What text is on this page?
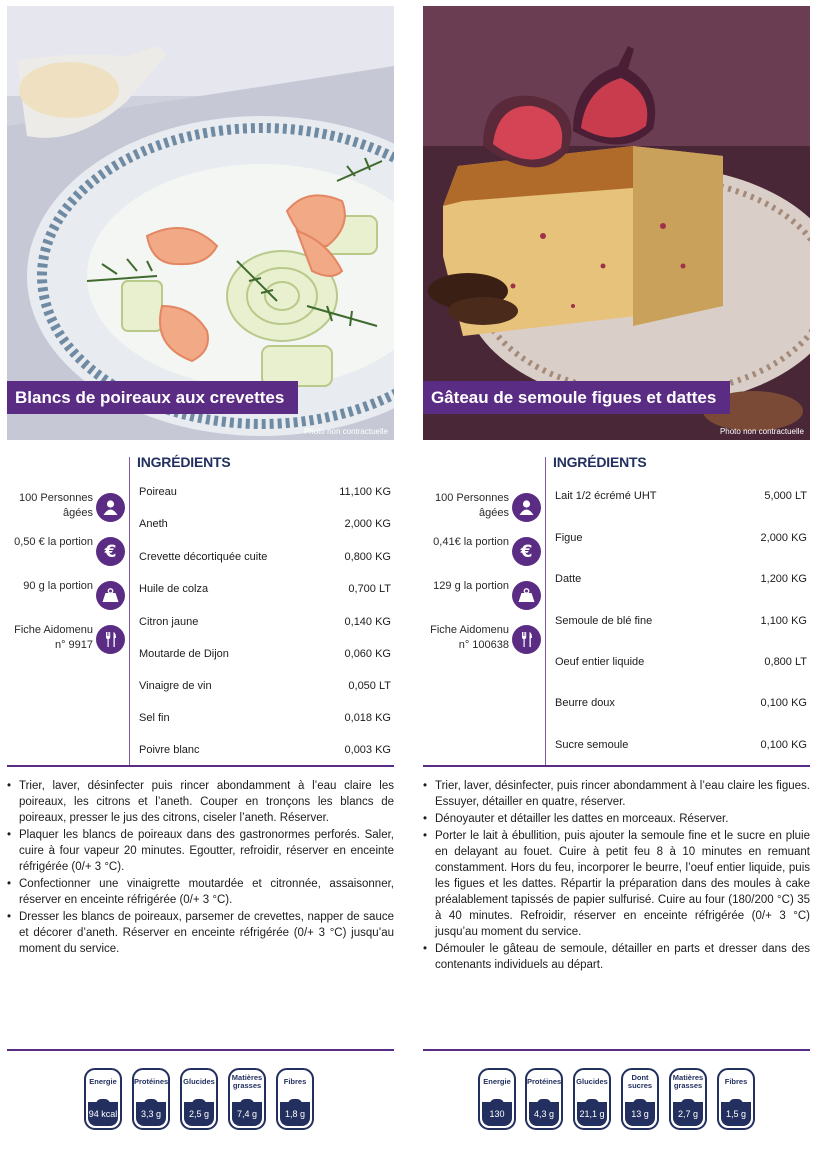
Blancs de poireaux aux crevettes
Photo non contractuelle
INGRÉDIENTS
100 Personnes âgées
0,50 € la portion €
90 g la portion
Fiche Aidomenu n° 9917
Poireau	11,100 KG
Aneth	2,000 KG
Crevette décortiquée cuite	0,800 KG
Huile de colza	0,700 LT
Citron jaune	0,140 KG
Moutarde de Dijon	0,060 KG
Vinaigre de vin	0,050 LT
Sel fin	0,018 KG
Poivre blanc	0,003 KG
• Trier, laver, désinfecter puis rincer abondamment à l’eau claire les poireaux, les citrons et l’aneth. Couper en tronçons les blancs de poireaux, presser le jus des citrons, ciseler l’aneth. Réserver.
• Plaquer les blancs de poireaux dans des gastronormes perforés. Saler, cuire à four vapeur 20 minutes. Egoutter, refroidir, réserver en enceinte réfrigérée (0/+ 3 °C).
• Confectionner une vinaigrette moutardée et citronnée, assaisonner, réserver en enceinte réfrigérée (0/+ 3 °C).
• Dresser les blancs de poireaux, parsemer de crevettes, napper de sauce et décorer d’aneth. Réserver en enceinte réfrigérée (0/+ 3 °C) jusqu’au moment du service.
Energie
94 kcal
Protéines
3,3 g
Glucides
2,5 g
Matières grasses
7,4 g
Fibres
1,8 g
Gâteau de semoule figues et dattes
Photo non contractuelle
INGRÉDIENTS
100 Personnes âgées
0,41€ la portion €
129 g la portion
Fiche Aidomenu n° 100638
Lait 1/2 écrémé UHT	5,000 LT
Figue	2,000 KG
Datte	1,200 KG
Semoule de blé fine	1,100 KG
Oeuf entier liquide	0,800 LT
Beurre doux	0,100 KG
Sucre semoule	0,100 KG
• Trier, laver, désinfecter, puis rincer abondamment à l’eau claire les figues. Essuyer, détailler en quatre, réserver.
• Dénoyauter et détailler les dattes en morceaux. Réserver.
• Porter le lait à ébullition, puis ajouter la semoule fine et le sucre en pluie en delayant au fouet. Cuire à petit feu 8 à 10 minutes en remuant constamment. Hors du feu, incorporer le beurre, l’oeuf entier liquide, puis les figues et les dattes. Répartir la préparation dans des moules à cake préalablement tapissés de papier sulfurisé. Cuire au four (180/200 °C) 35 à 40 minutes. Refroidir, réserver en enceinte réfrigérée (0/+ 3 °C) jusqu’au moment du service.
• Démouler le gâteau de semoule, détailler en parts et dresser dans des contenants individuels au départ.
Energie
130 kcal
Protéines
4,3 g
Glucides
21,1 g
Dont sucres
13 g
Matières grasses
2,7 g
Fibres
1,5 g
